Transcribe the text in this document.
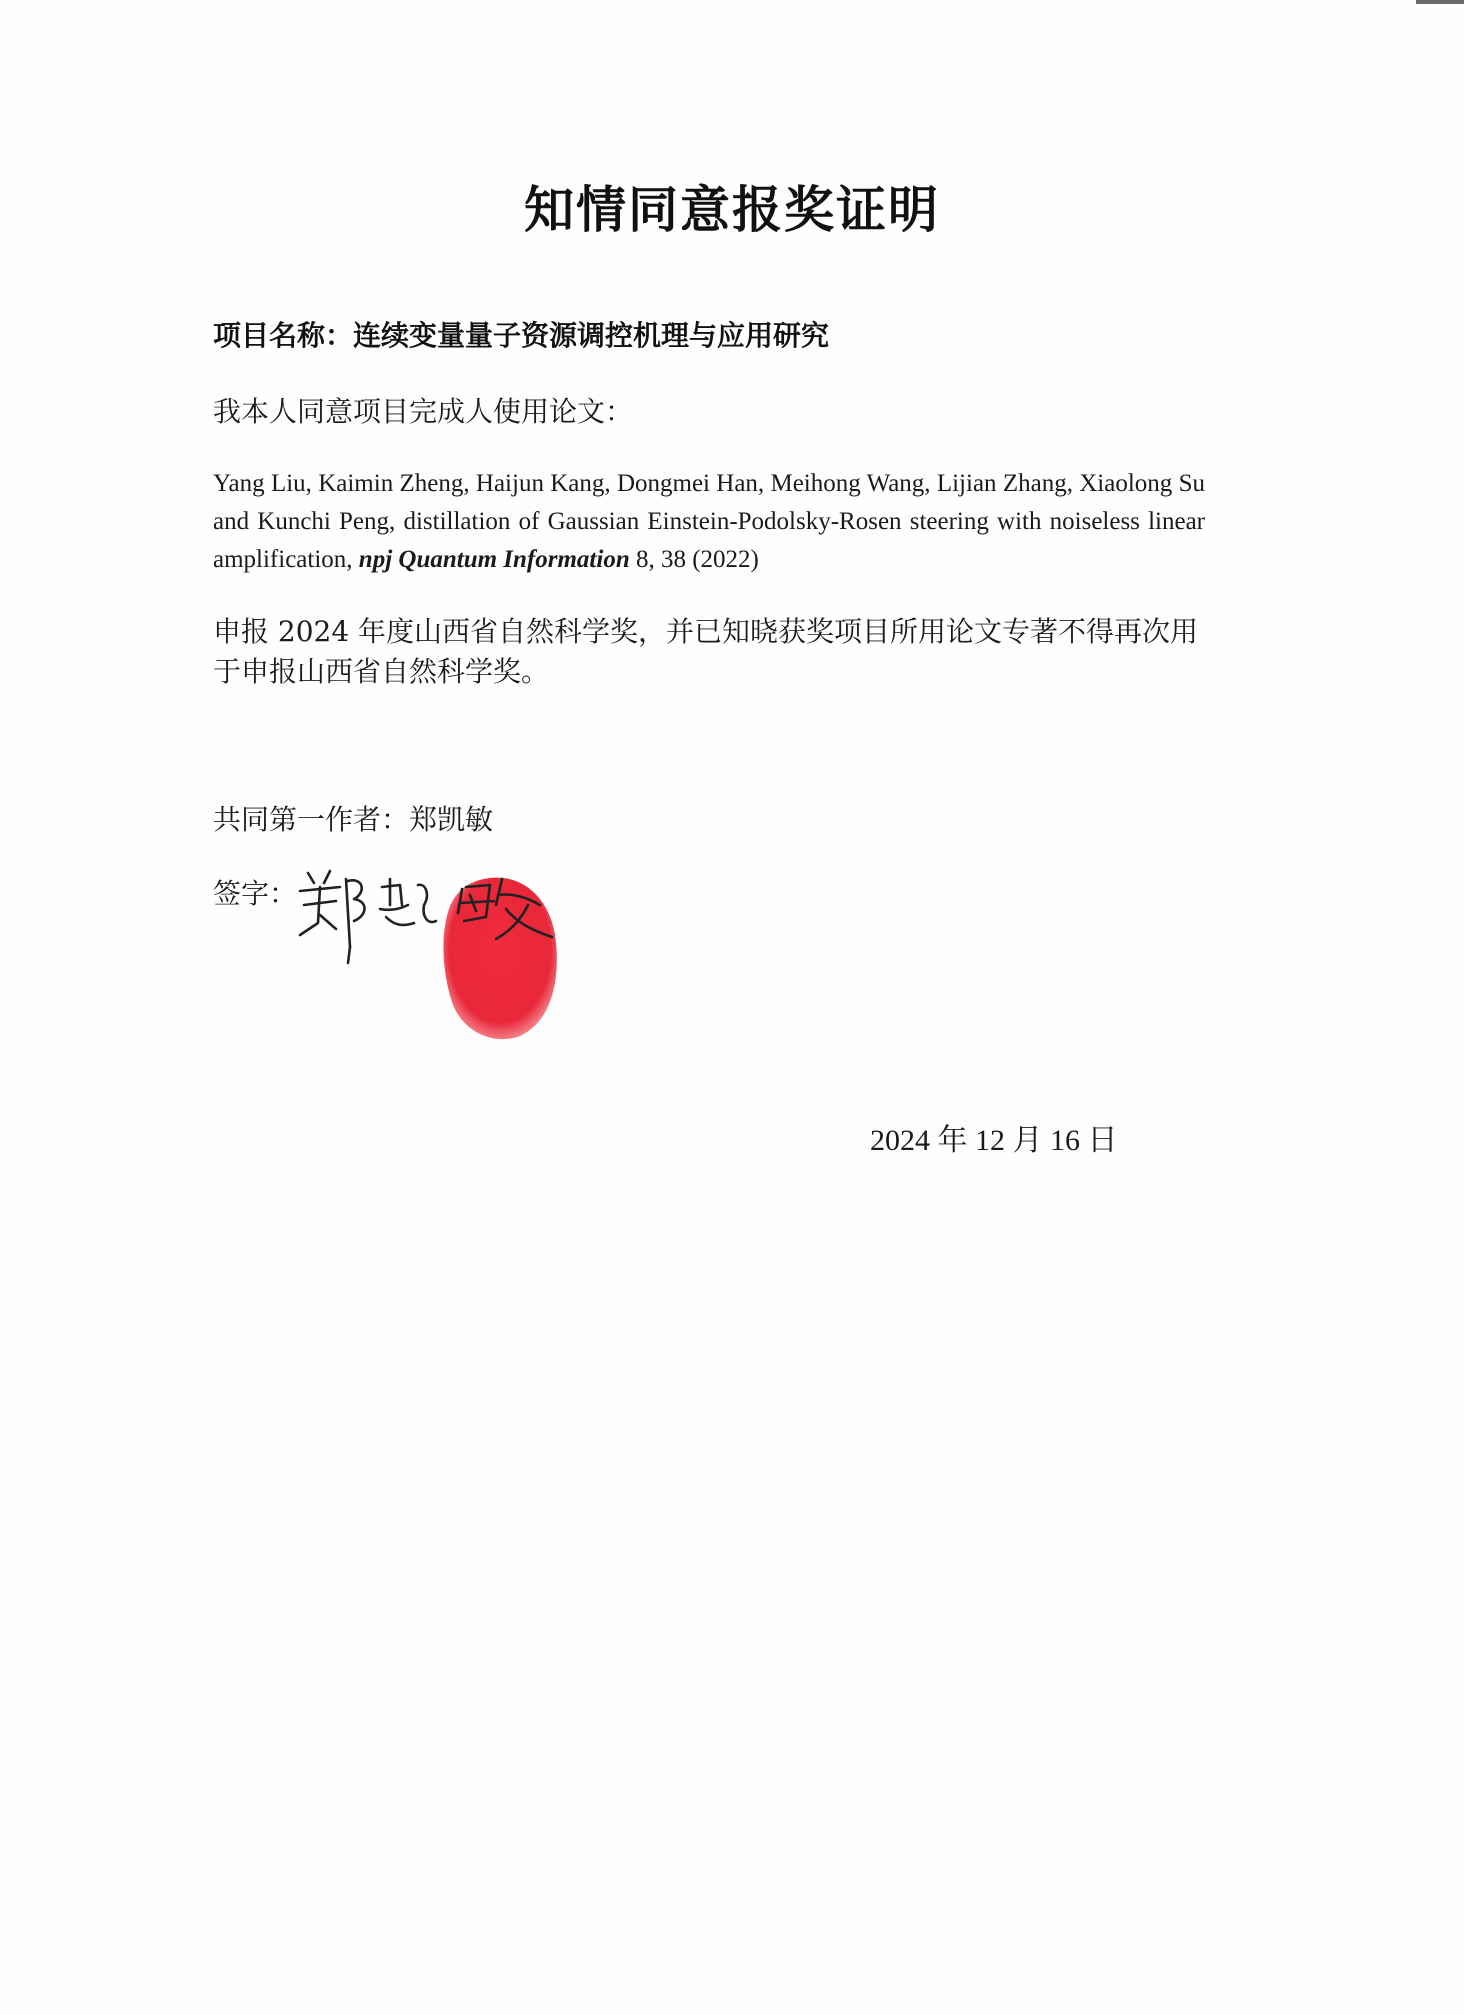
知情同意报奖证明
项目名称：连续变量量子资源调控机理与应用研究
我本人同意项目完成人使用论文：

Yang Liu, Kaimin Zheng, Haijun Kang, Dongmei Han, Meihong Wang, Lijian Zhang, Xiaolong Su and Kunchi Peng, distillation of Gaussian Einstein-Podolsky-Rosen steering with noiseless linear amplification, npj Quantum Information 8, 38 (2022)

申报 2024 年度山西省自然科学奖，并已知晓获奖项目所用论文专著不得再次用于申报山西省自然科学奖。

共同第一作者：郑凯敏
签字：
2024 年 12 月 16 日
